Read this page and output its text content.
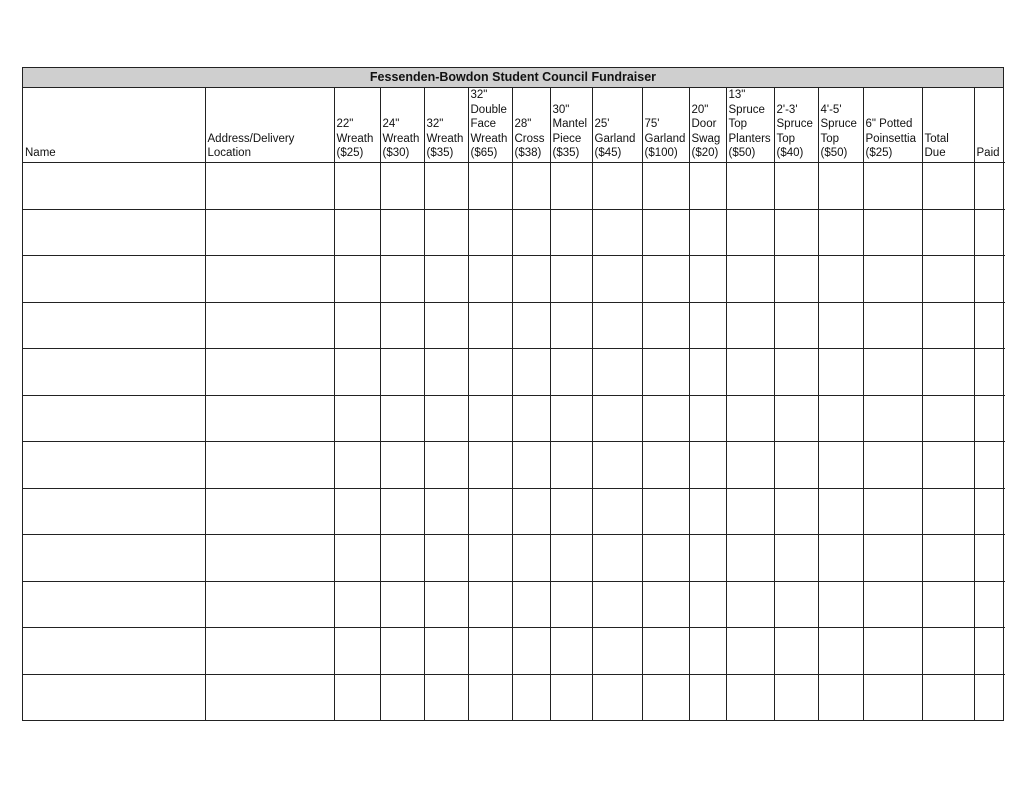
Fessenden-Bowdon Student Council Fundraiser
Name	Address/Delivery
Location	22"
Wreath
($25)	24"
Wreath
($30)	32"
Wreath
($35)	32"
Double
Face
Wreath
($65)	28"
Cross
($38)	30"
Mantel
Piece
($35)	25'
Garland
($45)	75'
Garland
($100)	20"
Door
Swag
($20)	13"
Spruce
Top
Planters
($50)	2'-3'
Spruce
Top
($40)	4'-5'
Spruce
Top
($50)	6" Potted
Poinsettia
($25)	Total
Due	Paid
